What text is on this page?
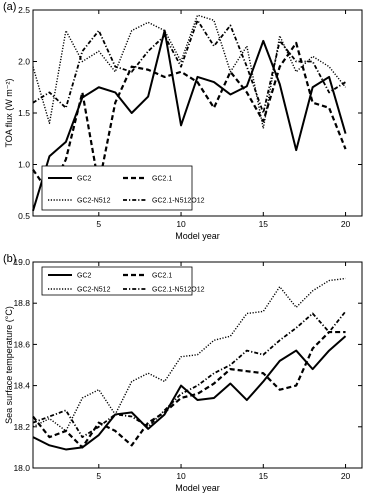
5	10	15	20
0.5
1.0
1.5
2.0
2.5
Model year
TOA flux (W m⁻²)
(a)
GC2	GC2.1
GC2-N512	GC2.1-N512O12
5	10	15	20
18.0
18.2
18.4
18.6
18.8
19.0
Model year
Sea surface temperature (°C)
(b)
GC2	GC2.1
GC2-N512	GC2.1-N512O12
